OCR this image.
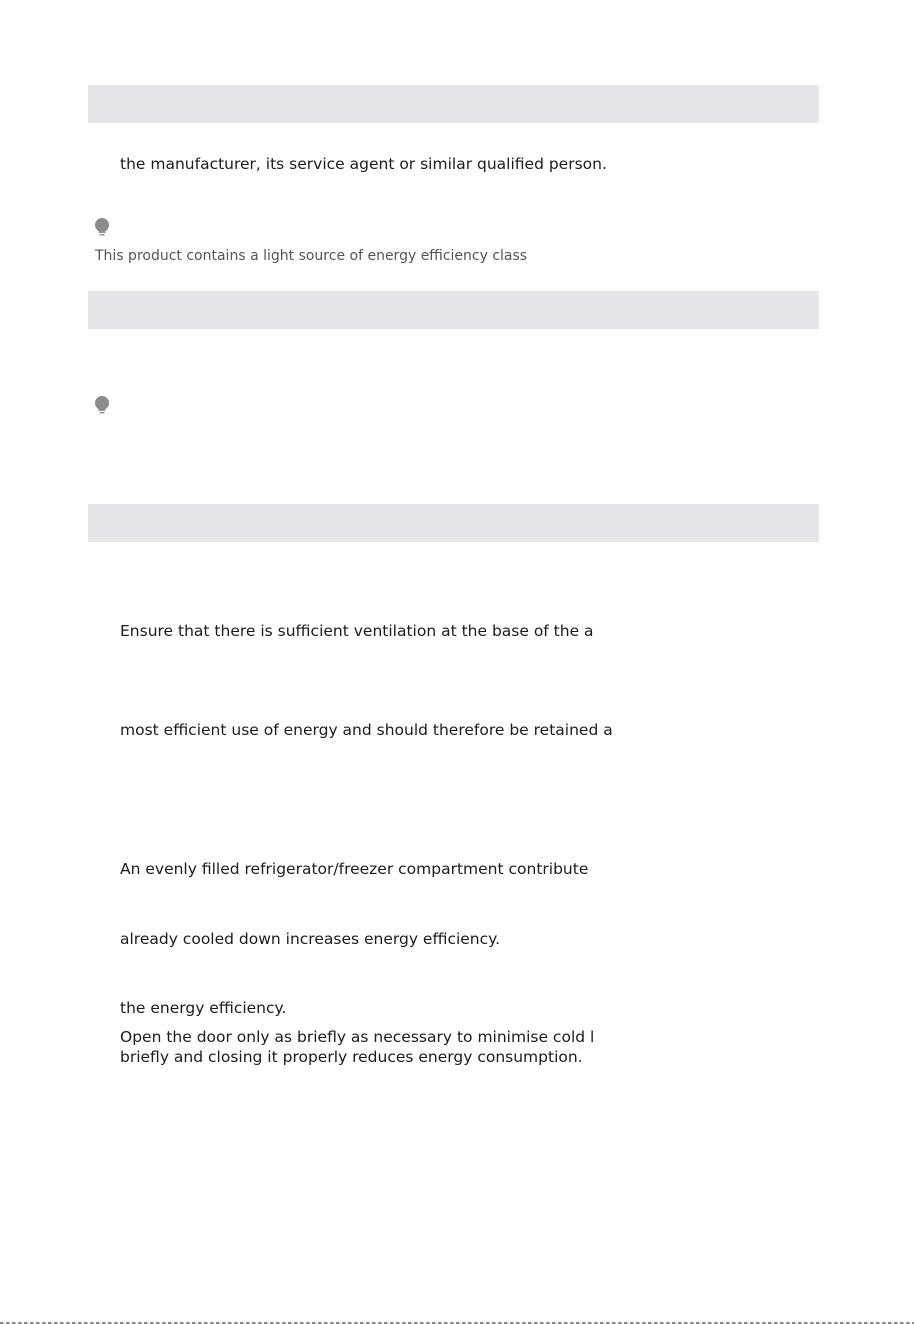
the manufacturer, its service agent or similar qualified person.
This product contains a light source of energy efficiency class
Ensure that there is sufficient ventilation at the base of the a
most efficient use of energy and should therefore be retained a
An evenly filled refrigerator/freezer compartment contribute
already cooled down increases energy efficiency.
the energy efficiency.
Open the door only as briefly as necessary to minimise cold l
briefly and closing it properly reduces energy consumption.
